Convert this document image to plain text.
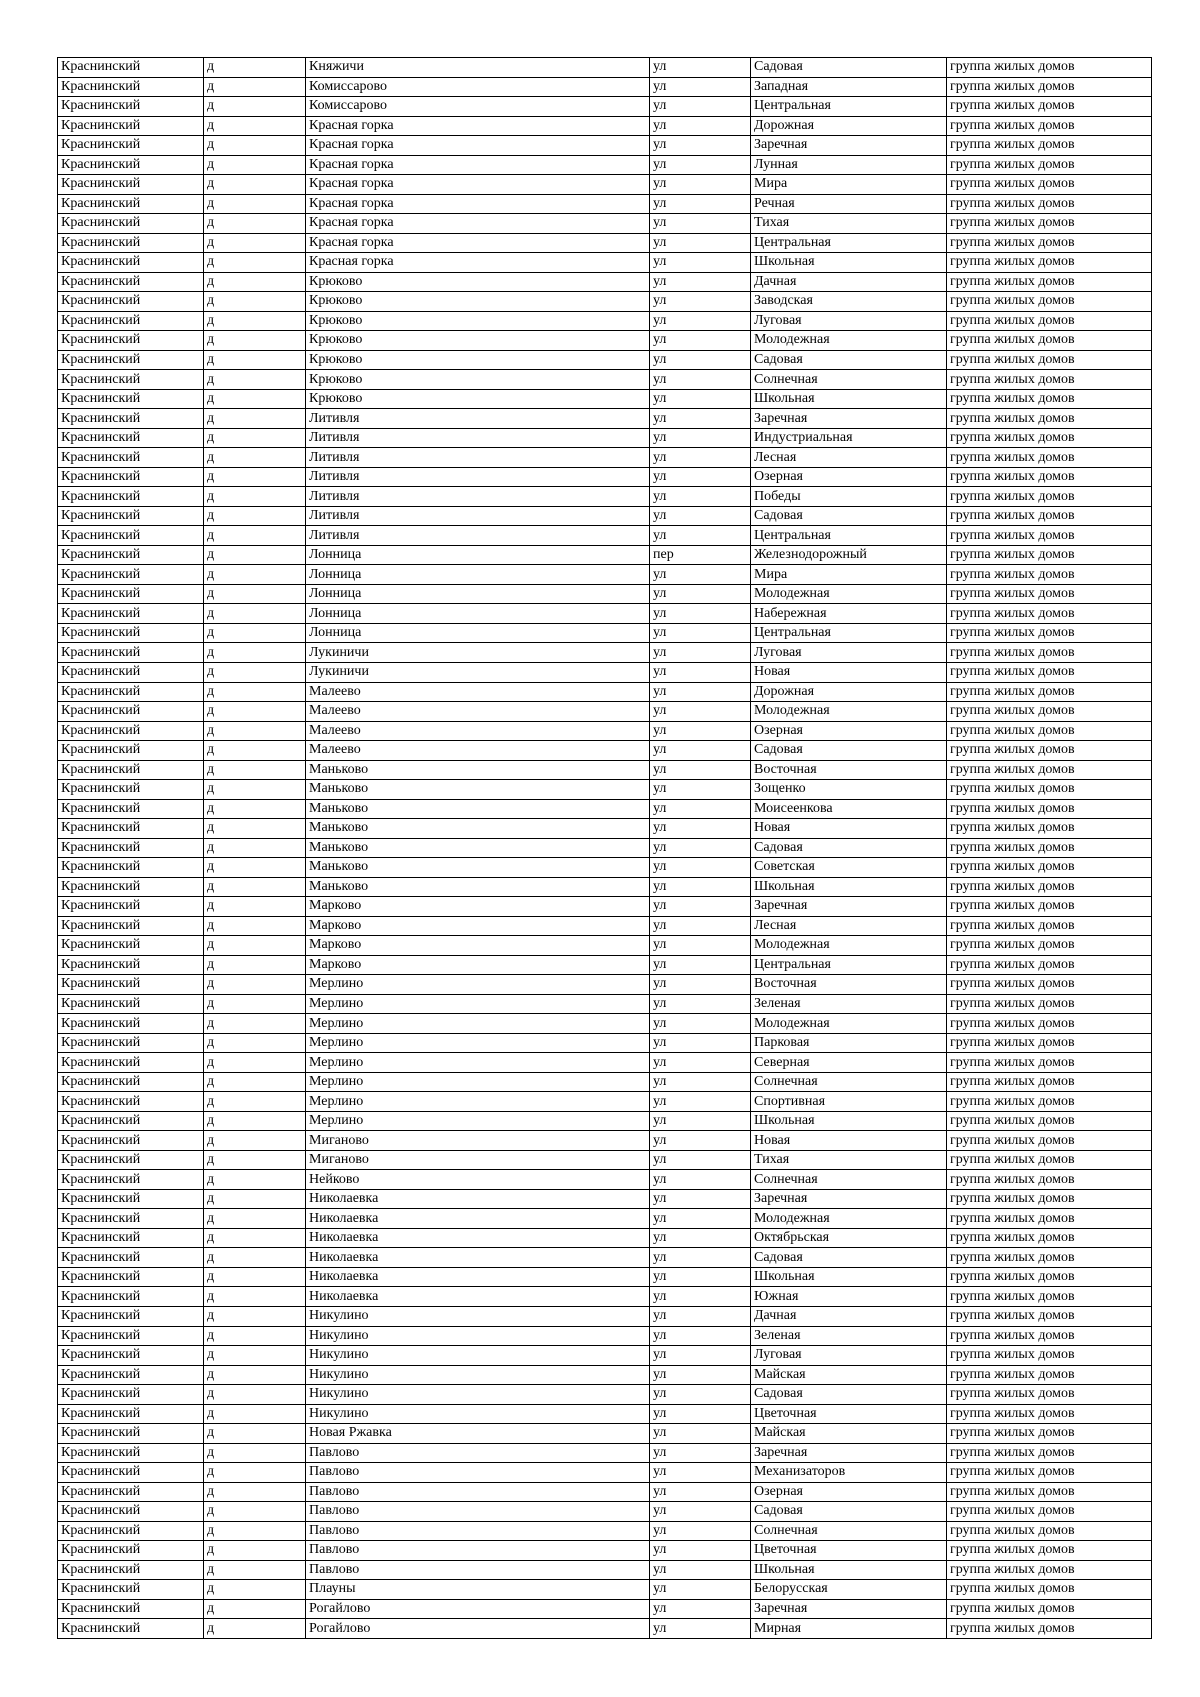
Краснинский	д	Княжичи	ул	Садовая	группа жилых домов
Краснинский	д	Комиссарово	ул	Западная	группа жилых домов
Краснинский	д	Комиссарово	ул	Центральная	группа жилых домов
Краснинский	д	Красная горка	ул	Дорожная	группа жилых домов
Краснинский	д	Красная горка	ул	Заречная	группа жилых домов
Краснинский	д	Красная горка	ул	Лунная	группа жилых домов
Краснинский	д	Красная горка	ул	Мира	группа жилых домов
Краснинский	д	Красная горка	ул	Речная	группа жилых домов
Краснинский	д	Красная горка	ул	Тихая	группа жилых домов
Краснинский	д	Красная горка	ул	Центральная	группа жилых домов
Краснинский	д	Красная горка	ул	Школьная	группа жилых домов
Краснинский	д	Крюково	ул	Дачная	группа жилых домов
Краснинский	д	Крюково	ул	Заводская	группа жилых домов
Краснинский	д	Крюково	ул	Луговая	группа жилых домов
Краснинский	д	Крюково	ул	Молодежная	группа жилых домов
Краснинский	д	Крюково	ул	Садовая	группа жилых домов
Краснинский	д	Крюково	ул	Солнечная	группа жилых домов
Краснинский	д	Крюково	ул	Школьная	группа жилых домов
Краснинский	д	Литивля	ул	Заречная	группа жилых домов
Краснинский	д	Литивля	ул	Индустриальная	группа жилых домов
Краснинский	д	Литивля	ул	Лесная	группа жилых домов
Краснинский	д	Литивля	ул	Озерная	группа жилых домов
Краснинский	д	Литивля	ул	Победы	группа жилых домов
Краснинский	д	Литивля	ул	Садовая	группа жилых домов
Краснинский	д	Литивля	ул	Центральная	группа жилых домов
Краснинский	д	Лонница	пер	Железнодорожный	группа жилых домов
Краснинский	д	Лонница	ул	Мира	группа жилых домов
Краснинский	д	Лонница	ул	Молодежная	группа жилых домов
Краснинский	д	Лонница	ул	Набережная	группа жилых домов
Краснинский	д	Лонница	ул	Центральная	группа жилых домов
Краснинский	д	Лукиничи	ул	Луговая	группа жилых домов
Краснинский	д	Лукиничи	ул	Новая	группа жилых домов
Краснинский	д	Малеево	ул	Дорожная	группа жилых домов
Краснинский	д	Малеево	ул	Молодежная	группа жилых домов
Краснинский	д	Малеево	ул	Озерная	группа жилых домов
Краснинский	д	Малеево	ул	Садовая	группа жилых домов
Краснинский	д	Маньково	ул	Восточная	группа жилых домов
Краснинский	д	Маньково	ул	Зощенко	группа жилых домов
Краснинский	д	Маньково	ул	Моисеенкова	группа жилых домов
Краснинский	д	Маньково	ул	Новая	группа жилых домов
Краснинский	д	Маньково	ул	Садовая	группа жилых домов
Краснинский	д	Маньково	ул	Советская	группа жилых домов
Краснинский	д	Маньково	ул	Школьная	группа жилых домов
Краснинский	д	Марково	ул	Заречная	группа жилых домов
Краснинский	д	Марково	ул	Лесная	группа жилых домов
Краснинский	д	Марково	ул	Молодежная	группа жилых домов
Краснинский	д	Марково	ул	Центральная	группа жилых домов
Краснинский	д	Мерлино	ул	Восточная	группа жилых домов
Краснинский	д	Мерлино	ул	Зеленая	группа жилых домов
Краснинский	д	Мерлино	ул	Молодежная	группа жилых домов
Краснинский	д	Мерлино	ул	Парковая	группа жилых домов
Краснинский	д	Мерлино	ул	Северная	группа жилых домов
Краснинский	д	Мерлино	ул	Солнечная	группа жилых домов
Краснинский	д	Мерлино	ул	Спортивная	группа жилых домов
Краснинский	д	Мерлино	ул	Школьная	группа жилых домов
Краснинский	д	Миганово	ул	Новая	группа жилых домов
Краснинский	д	Миганово	ул	Тихая	группа жилых домов
Краснинский	д	Нейково	ул	Солнечная	группа жилых домов
Краснинский	д	Николаевка	ул	Заречная	группа жилых домов
Краснинский	д	Николаевка	ул	Молодежная	группа жилых домов
Краснинский	д	Николаевка	ул	Октябрьская	группа жилых домов
Краснинский	д	Николаевка	ул	Садовая	группа жилых домов
Краснинский	д	Николаевка	ул	Школьная	группа жилых домов
Краснинский	д	Николаевка	ул	Южная	группа жилых домов
Краснинский	д	Никулино	ул	Дачная	группа жилых домов
Краснинский	д	Никулино	ул	Зеленая	группа жилых домов
Краснинский	д	Никулино	ул	Луговая	группа жилых домов
Краснинский	д	Никулино	ул	Майская	группа жилых домов
Краснинский	д	Никулино	ул	Садовая	группа жилых домов
Краснинский	д	Никулино	ул	Цветочная	группа жилых домов
Краснинский	д	Новая Ржавка	ул	Майская	группа жилых домов
Краснинский	д	Павлово	ул	Заречная	группа жилых домов
Краснинский	д	Павлово	ул	Механизаторов	группа жилых домов
Краснинский	д	Павлово	ул	Озерная	группа жилых домов
Краснинский	д	Павлово	ул	Садовая	группа жилых домов
Краснинский	д	Павлово	ул	Солнечная	группа жилых домов
Краснинский	д	Павлово	ул	Цветочная	группа жилых домов
Краснинский	д	Павлово	ул	Школьная	группа жилых домов
Краснинский	д	Плауны	ул	Белорусская	группа жилых домов
Краснинский	д	Рогайлово	ул	Заречная	группа жилых домов
Краснинский	д	Рогайлово	ул	Мирная	группа жилых домов
